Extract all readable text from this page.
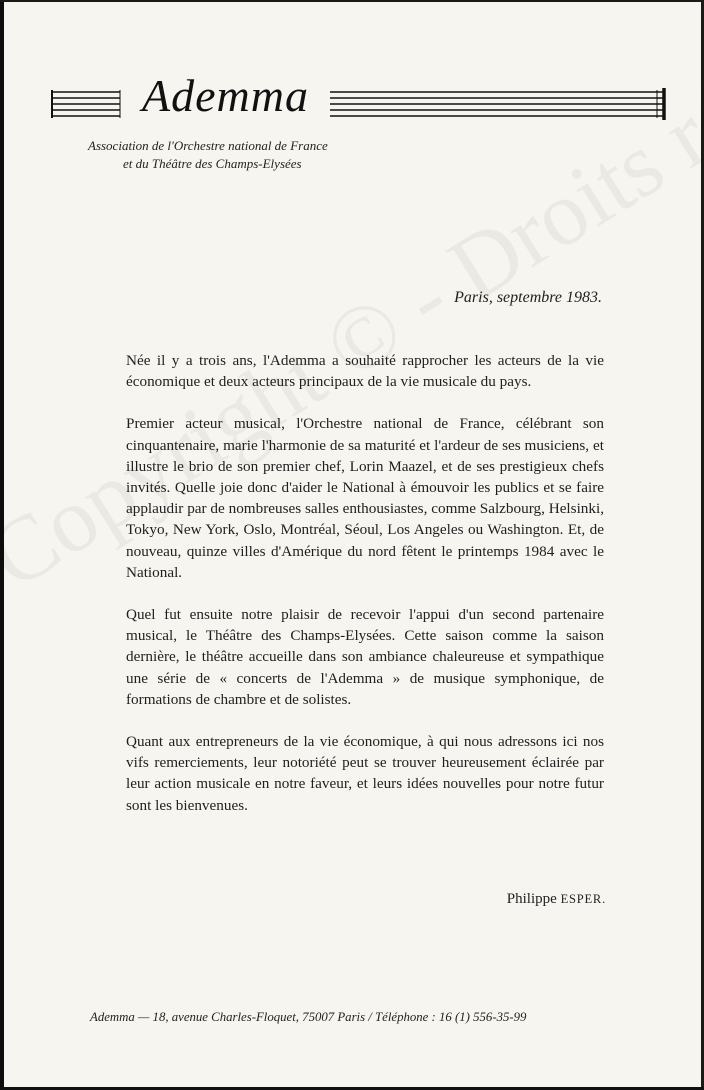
Ademma
Association de l'Orchestre national de France
et du Théâtre des Champs-Elysées
Paris, septembre 1983.

Née il y a trois ans, l'Ademma a souhaité rapprocher les acteurs de la vie économique et deux acteurs principaux de la vie musicale du pays.

Premier acteur musical, l'Orchestre national de France, célébrant son cinquantenaire, marie l'harmonie de sa maturité et l'ardeur de ses musiciens, et illustre le brio de son premier chef, Lorin Maazel, et de ses prestigieux chefs invités. Quelle joie donc d'aider le National à émouvoir les publics et se faire applaudir par de nombreuses salles enthousiastes, comme Salzbourg, Helsinki, Tokyo, New York, Oslo, Montréal, Séoul, Los Angeles ou Washington. Et, de nouveau, quinze villes d'Amérique du nord fêtent le printemps 1984 avec le National.

Quel fut ensuite notre plaisir de recevoir l'appui d'un second partenaire musical, le Théâtre des Champs-Elysées. Cette saison comme la saison dernière, le théâtre accueille dans son ambiance chaleureuse et sympathique une série de « concerts de l'Ademma » de musique symphonique, de formations de chambre et de solistes.

Quant aux entrepreneurs de la vie économique, à qui nous adressons ici nos vifs remerciements, leur notoriété peut se trouver heureusement éclairée par leur action musicale en notre faveur, et leurs idées nouvelles pour notre futur sont les bienvenues.

Philippe ESPER.
Ademma — 18, avenue Charles-Floquet, 75007 Paris / Téléphone : 16 (1) 556-35-99
